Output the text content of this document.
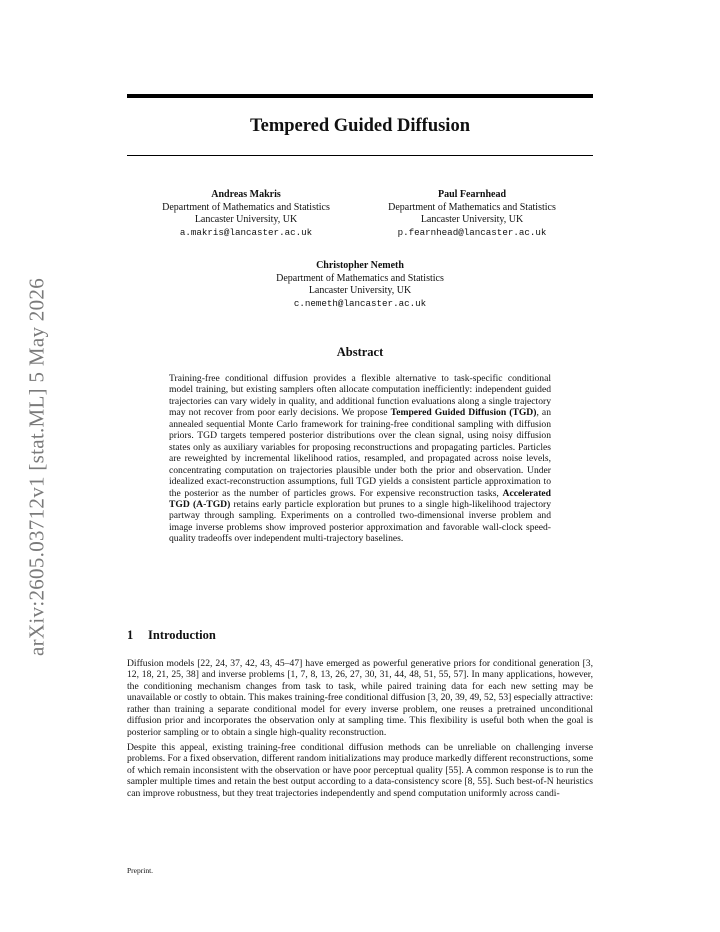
arXiv:2605.03712v1 [stat.ML] 5 May 2026
Tempered Guided Diffusion
Andreas Makris
Department of Mathematics and Statistics
Lancaster University, UK
a.makris@lancaster.ac.uk
Paul Fearnhead
Department of Mathematics and Statistics
Lancaster University, UK
p.fearnhead@lancaster.ac.uk
Christopher Nemeth
Department of Mathematics and Statistics
Lancaster University, UK
c.nemeth@lancaster.ac.uk
Abstract

Training-free conditional diffusion provides a flexible alternative to task-specific conditional model training, but existing samplers often allocate computation inefficiently: independent guided trajectories can vary widely in quality, and additional function evaluations along a single trajectory may not recover from poor early decisions. We propose Tempered Guided Diffusion (TGD), an annealed sequential Monte Carlo framework for training-free conditional sampling with diffusion priors. TGD targets tempered posterior distributions over the clean signal, using noisy diffusion states only as auxiliary variables for proposing reconstructions and propagating particles. Particles are reweighted by incremental likelihood ratios, resampled, and propagated across noise levels, concentrating computation on trajectories plausible under both the prior and observation. Under idealized exact-reconstruction assumptions, full TGD yields a consistent particle approximation to the posterior as the number of particles grows. For expensive reconstruction tasks, Accelerated TGD (A-TGD) retains early particle exploration but prunes to a single high-likelihood trajectory partway through sampling. Experiments on a controlled two-dimensional inverse problem and image inverse problems show improved posterior approximation and favorable wall-clock speed-quality tradeoffs over independent multi-trajectory baselines.

1 Introduction

Diffusion models [22, 24, 37, 42, 43, 45–47] have emerged as powerful generative priors for conditional generation [3, 12, 18, 21, 25, 38] and inverse problems [1, 7, 8, 13, 26, 27, 30, 31, 44, 48, 51, 55, 57]. In many applications, however, the conditioning mechanism changes from task to task, while paired training data for each new setting may be unavailable or costly to obtain. This makes training-free conditional diffusion [3, 20, 39, 49, 52, 53] especially attractive: rather than training a separate conditional model for every inverse problem, one reuses a pretrained unconditional diffusion prior and incorporates the observation only at sampling time. This flexibility is useful both when the goal is posterior sampling or to obtain a single high-quality reconstruction.

Despite this appeal, existing training-free conditional diffusion methods can be unreliable on challenging inverse problems. For a fixed observation, different random initializations may produce markedly different reconstructions, some of which remain inconsistent with the observation or have poor perceptual quality [55]. A common response is to run the sampler multiple times and retain the best output according to a data-consistency score [8, 55]. Such best-of-N heuristics can improve robustness, but they treat trajectories independently and spend computation uniformly across candi-

Preprint.
